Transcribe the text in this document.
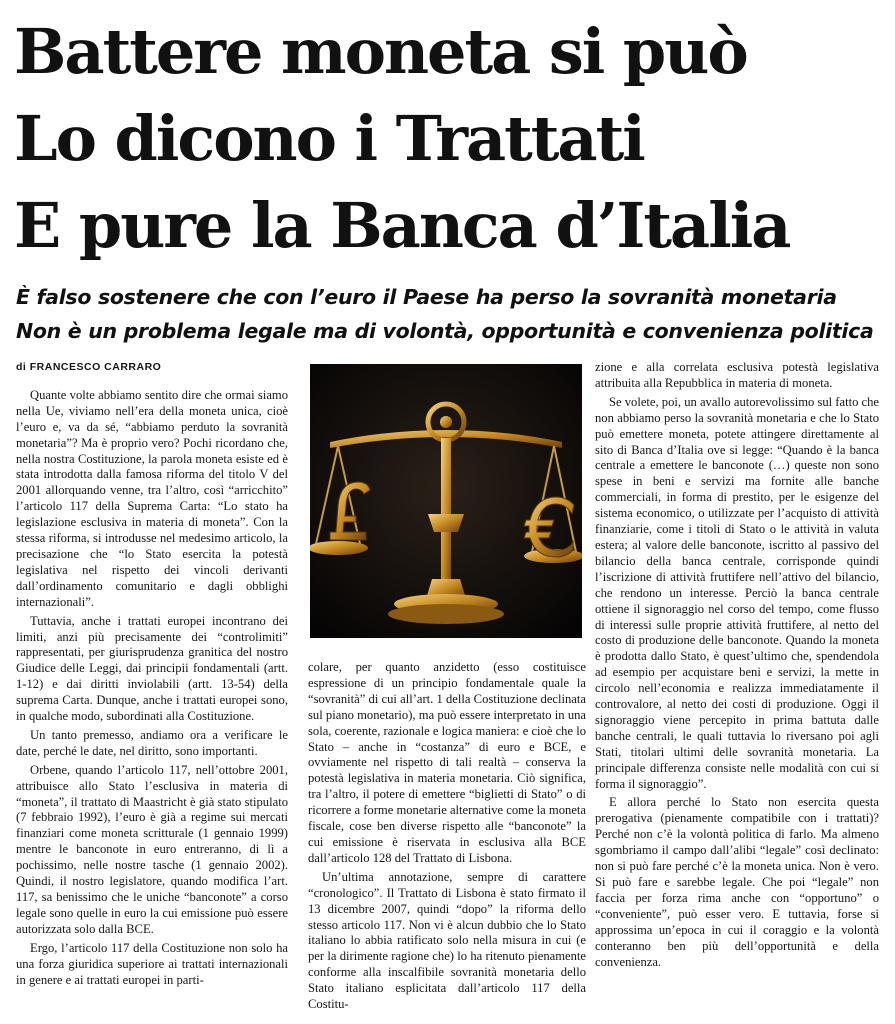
Battere moneta si può
Lo dicono i Trattati
E pure la Banca d’Italia
È falso sostenere che con l’euro il Paese ha perso la sovranità monetaria
Non è un problema legale ma di volontà, opportunità e convenienza politica

di FRANCESCO CARRARO

Quante volte abbiamo sentito dire che ormai siamo nella Ue, viviamo nell’era della moneta unica, cioè l’euro e, va da sé, “abbiamo perduto la sovranità monetaria”? Ma è proprio vero? Pochi ricordano che, nella nostra Costituzione, la parola moneta esiste ed è stata introdotta dalla famosa riforma del titolo V del 2001 allorquando venne, tra l’altro, così “arricchito” l’articolo 117 della Suprema Carta: “Lo stato ha legislazione esclusiva in materia di moneta”. Con la stessa riforma, si introdusse nel medesimo articolo, la precisazione che “lo Stato esercita la potestà legislativa nel rispetto dei vincoli derivanti dall’ordinamento comunitario e dagli obblighi internazionali”.

Tuttavia, anche i trattati europei incontrano dei limiti, anzi più precisamente dei “controlimiti” rappresentati, per giurisprudenza granitica del nostro Giudice delle Leggi, dai principii fondamentali (artt. 1-12) e dai diritti inviolabili (artt. 13-54) della suprema Carta. Dunque, anche i trattati europei sono, in qualche modo, subordinati alla Costituzione.

Un tanto premesso, andiamo ora a verificare le date, perché le date, nel diritto, sono importanti.

Orbene, quando l’articolo 117, nell’ottobre 2001, attribuisce allo Stato l’esclusiva in materia di “moneta”, il trattato di Maastricht è già stato stipulato (7 febbraio 1992), l’euro è già a regime sui mercati finanziari come moneta scritturale (1 gennaio 1999) mentre le banconote in euro entreranno, di lì a pochissimo, nelle nostre tasche (1 gennaio 2002). Quindi, il nostro legislatore, quando modifica l’art. 117, sa benissimo che le uniche “banconote” a corso legale sono quelle in euro la cui emissione può essere autorizzata solo dalla BCE.

Ergo, l’articolo 117 della Costituzione non solo ha una forza giuridica superiore ai trattati internazionali in genere e ai trattati europei in parti-

colare, per quanto anzidetto (esso costituisce espressione di un principio fondamentale quale la “sovranità” di cui all’art. 1 della Costituzione declinata sul piano monetario), ma può essere interpretato in una sola, coerente, razionale e logica maniera: e cioè che lo Stato – anche in “costanza” di euro e BCE, e ovviamente nel rispetto di tali realtà – conserva la potestà legislativa in materia monetaria. Ciò significa, tra l’altro, il potere di emettere “biglietti di Stato” o di ricorrere a forme monetarie alternative come la moneta fiscale, cose ben diverse rispetto alle “banconote” la cui emissione è riservata in esclusiva alla BCE dall’articolo 128 del Trattato di Lisbona.

Un’ultima annotazione, sempre di carattere “cronologico”. Il Trattato di Lisbona è stato firmato il 13 dicembre 2007, quindi “dopo” la riforma dello stesso articolo 117. Non vi è alcun dubbio che lo Stato italiano lo abbia ratificato solo nella misura in cui (e per la dirimente ragione che) lo ha ritenuto pienamente conforme alla inscalfibile sovranità monetaria dello Stato italiano esplicitata dall’articolo 117 della Costitu-

zione e alla correlata esclusiva potestà legislativa attribuita alla Repubblica in materia di moneta.

Se volete, poi, un avallo autorevolissimo sul fatto che non abbiamo perso la sovranità monetaria e che lo Stato può emettere moneta, potete attingere direttamente al sito di Banca d’Italia ove si legge: “Quando è la banca centrale a emettere le banconote (…) queste non sono spese in beni e servizi ma fornite alle banche commerciali, in forma di prestito, per le esigenze del sistema economico, o utilizzate per l’acquisto di attività finanziarie, come i titoli di Stato o le attività in valuta estera; al valore delle banconote, iscritto al passivo del bilancio della banca centrale, corrisponde quindi l’iscrizione di attività fruttifere nell’attivo del bilancio, che rendono un interesse. Perciò la banca centrale ottiene il signoraggio nel corso del tempo, come flusso di interessi sulle proprie attività fruttifere, al netto del costo di produzione delle banconote. Quando la moneta è prodotta dallo Stato, è quest’ultimo che, spendendola ad esempio per acquistare beni e servizi, la mette in circolo nell’economia e realizza immediatamente il controvalore, al netto dei costi di produzione. Oggi il signoraggio viene percepito in prima battuta dalle banche centrali, le quali tuttavia lo riversano poi agli Stati, titolari ultimi delle sovranità monetaria. La principale differenza consiste nelle modalità con cui si forma il signoraggio”.

E allora perché lo Stato non esercita questa prerogativa (pienamente compatibile con i trattati)? Perché non c’è la volontà politica di farlo. Ma almeno sgombriamo il campo dall’alibi “legale” così declinato: non si può fare perché c’è la moneta unica. Non è vero. Si può fare e sarebbe legale. Che poi “legale” non faccia per forza rima anche con “opportuno” o “conveniente”, può esser vero. E tuttavia, forse si approssima un’epoca in cui il coraggio e la volontà conteranno ben più dell’opportunità e della convenienza.
